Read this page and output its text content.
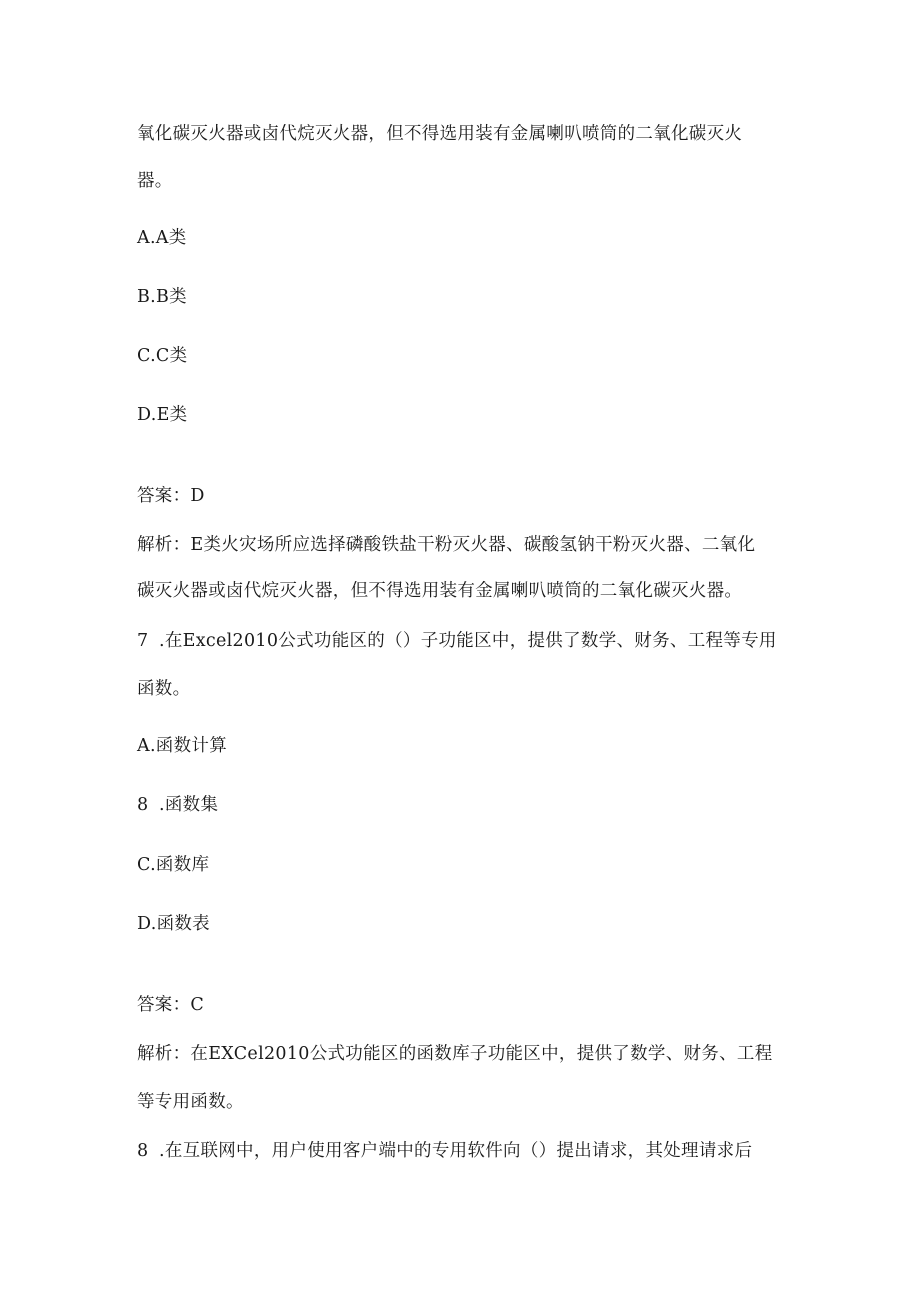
氧化碳灭火器或卤代烷灭火器，但不得选用装有金属喇叭喷筒的二氧化碳灭火
器。
A.A类
B.B类
C.C类
D.E类
答案：D
解析：E类火灾场所应选择磷酸铁盐干粉灭火器、碳酸氢钠干粉灭火器、二氧化
碳灭火器或卤代烷灭火器，但不得选用装有金属喇叭喷筒的二氧化碳灭火器。
7 .在Excel2010公式功能区的（）子功能区中，提供了数学、财务、工程等专用
函数。
A.函数计算
8 .函数集
C.函数库
D.函数表
答案：C
解析：在EXCel2010公式功能区的函数库子功能区中，提供了数学、财务、工程
等专用函数。
8 .在互联网中，用户使用客户端中的专用软件向（）提出请求，其处理请求后
